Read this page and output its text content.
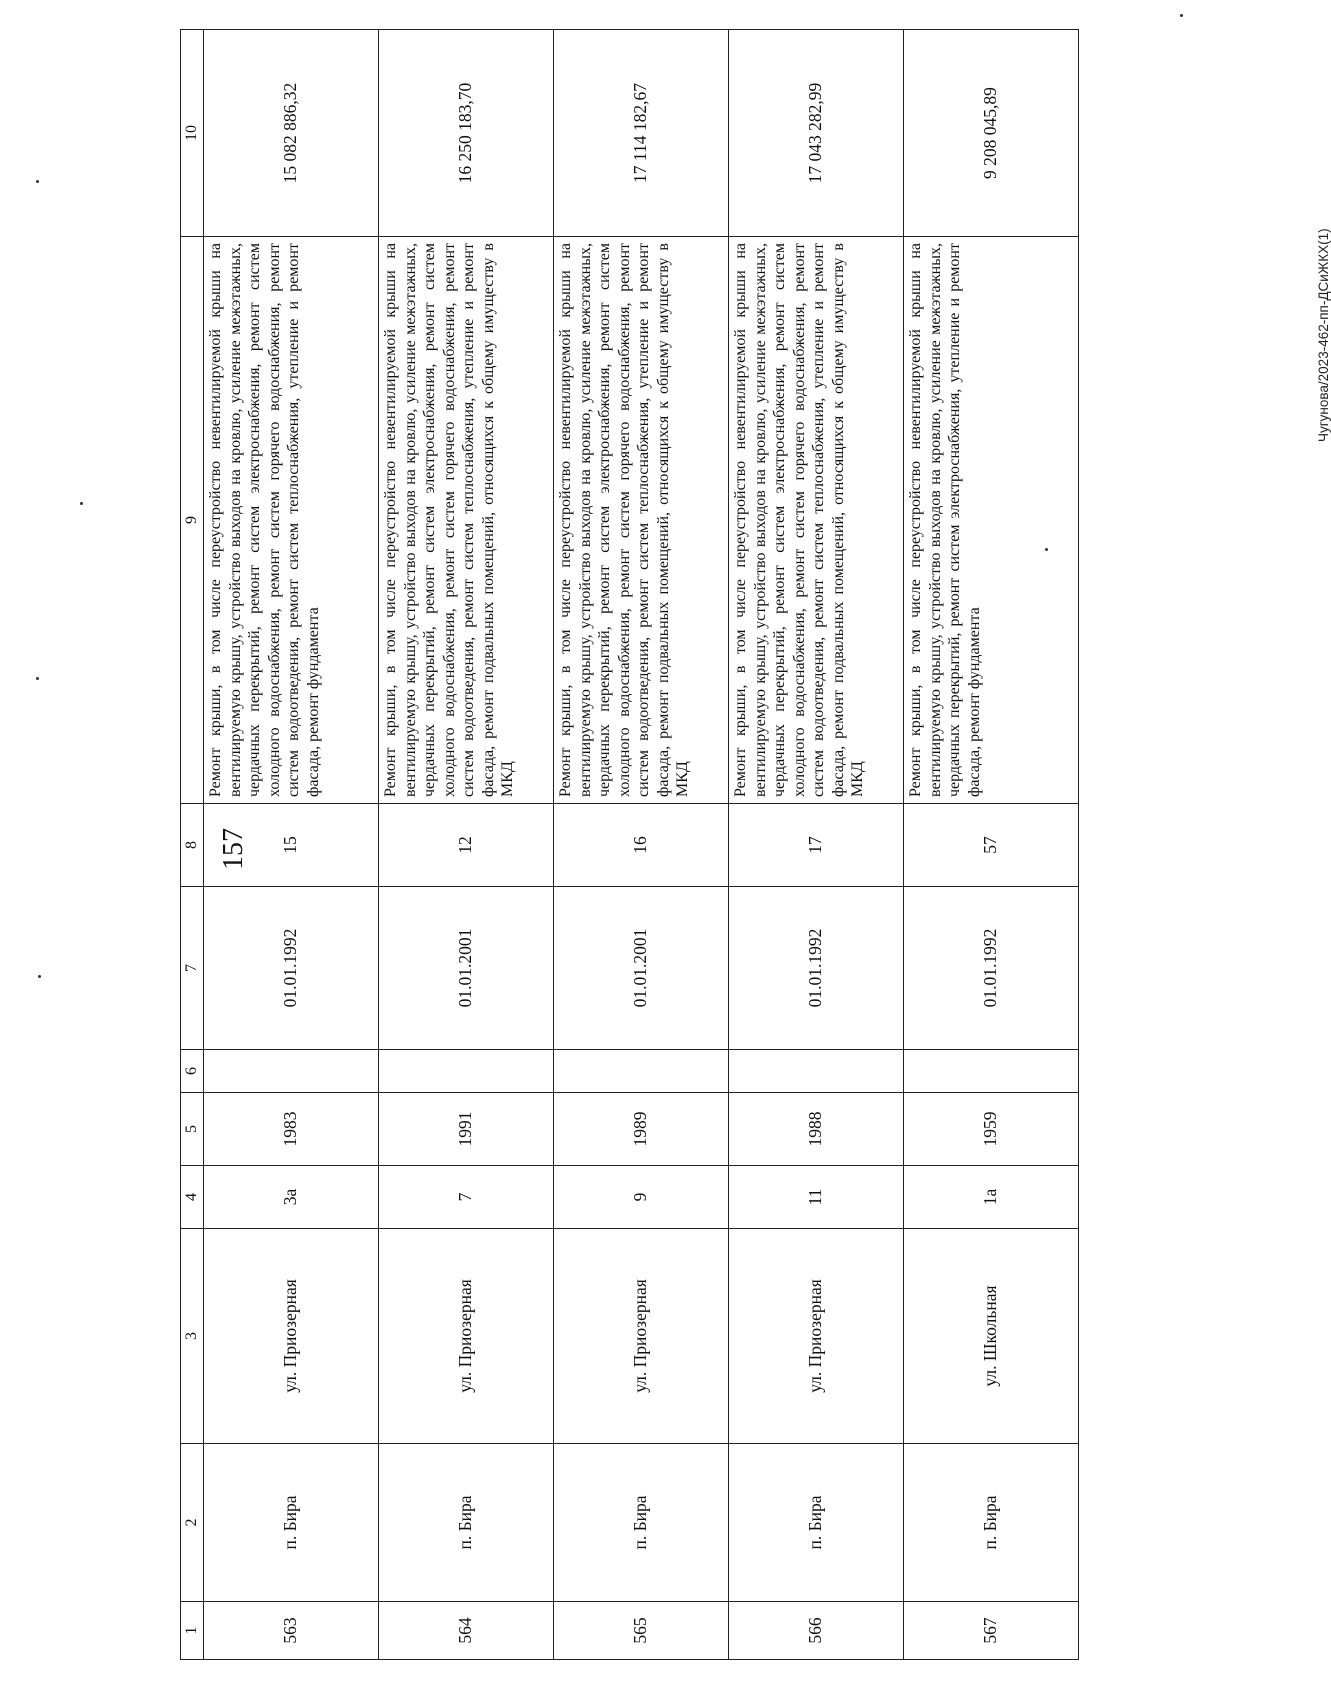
157
1	2	3	4	5	6	7	8	9	10
563	п. Бира	ул. Приозерная	3а	1983		01.01.1992	15	Ремонт крыши, в том числе переустройство невентилируемой крыши на вентилируемую крышу, устройство выходов на кровлю, усиление межэтажных, чердачных перекрытий, ремонт систем электроснабжения, ремонт систем холодного водоснабжения, ремонт систем горячего водоснабжения, ремонт систем водоотведения, ремонт систем теплоснабжения, утепление и ремонт фасада, ремонт фундамента	15 082 886,32
564	п. Бира	ул. Приозерная	7	1991		01.01.2001	12	Ремонт крыши, в том числе переустройство невентилируемой крыши на вентилируемую крышу, устройство выходов на кровлю, усиление межэтажных, чердачных перекрытий, ремонт систем электроснабжения, ремонт систем холодного водоснабжения, ремонт систем горячего водоснабжения, ремонт систем водоотведения, ремонт систем теплоснабжения, утепление и ремонт фасада, ремонт подвальных помещений, относящихся к общему имуществу в МКД	16 250 183,70
565	п. Бира	ул. Приозерная	9	1989		01.01.2001	16	Ремонт крыши, в том числе переустройство невентилируемой крыши на вентилируемую крышу, устройство выходов на кровлю, усиление межэтажных, чердачных перекрытий, ремонт систем электроснабжения, ремонт систем холодного водоснабжения, ремонт систем горячего водоснабжения, ремонт систем водоотведения, ремонт систем теплоснабжения, утепление и ремонт фасада, ремонт подвальных помещений, относящихся к общему имуществу в МКД	17 114 182,67
566	п. Бира	ул. Приозерная	11	1988		01.01.1992	17	Ремонт крыши, в том числе переустройство невентилируемой крыши на вентилируемую крышу, устройство выходов на кровлю, усиление межэтажных, чердачных перекрытий, ремонт систем электроснабжения, ремонт систем холодного водоснабжения, ремонт систем горячего водоснабжения, ремонт систем водоотведения, ремонт систем теплоснабжения, утепление и ремонт фасада, ремонт подвальных помещений, относящихся к общему имуществу в МКД	17 043 282,99
567	п. Бира	ул. Школьная	1а	1959		01.01.1992	57	Ремонт крыши, в том числе переустройство невентилируемой крыши на вентилируемую крышу, устройство выходов на кровлю, усиление межэтажных, чердачных перекрытий, ремонт систем электроснабжения, утепление и ремонт фасада, ремонт фундамента	9 208 045,89
Чугунова/2023-462-пп-ДСиЖКХ(1)
